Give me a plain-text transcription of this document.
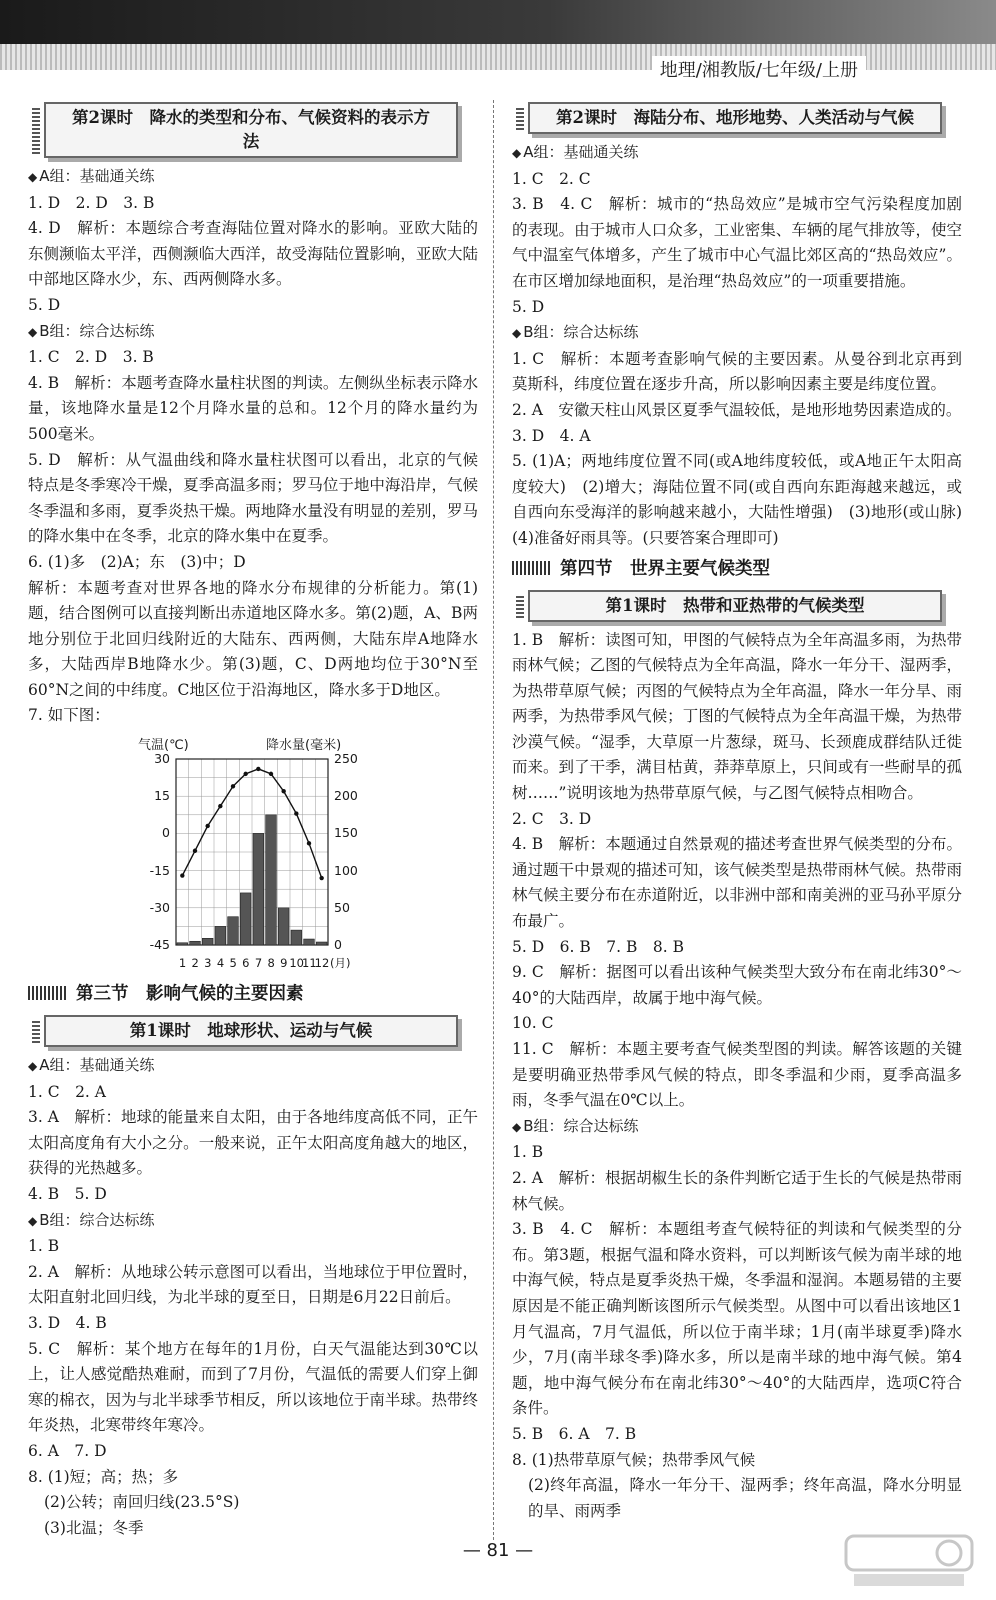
地理/湘教版/七年级/上册
第2课时　降水的类型和分布、气候资料的表示方法
◆ A组：基础通关练

1. D　2. D　3. B

4. D　解析：本题综合考查海陆位置对降水的影响。亚欧大陆的东侧濒临太平洋，西侧濒临大西洋，故受海陆位置影响，亚欧大陆中部地区降水少，东、西两侧降水多。

5. D

◆ B组：综合达标练

1. C　2. D　3. B

4. B　解析：本题考查降水量柱状图的判读。左侧纵坐标表示降水量，该地降水量是12个月降水量的总和。12个月的降水量约为500毫米。

5. D　解析：从气温曲线和降水量柱状图可以看出，北京的气候特点是冬季寒冷干燥，夏季高温多雨；罗马位于地中海沿岸，气候冬季温和多雨，夏季炎热干燥。两地降水量没有明显的差别，罗马的降水集中在冬季，北京的降水集中在夏季。

6. (1)多　(2)A；东　(3)中；D

解析：本题考查对世界各地的降水分布规律的分析能力。第(1)题，结合图例可以直接判断出赤道地区降水多。第(2)题，A、B两地分别位于北回归线附近的大陆东、西两侧，大陆东岸A地降水多，大陆西岸B地降水少。第(3)题，C、D两地均位于30°N至60°N之间的中纬度。C地区位于沿海地区，降水多于D地区。

7. 如下图：

气温(℃)	降水量(毫米)
30
15
0
-15
-30
-45
250
200
150
100
50
0
1 2 3 4 5 6 7 8 9 10
11
12 (月)
第三节　影响气候的主要因素
第1课时　地球形状、运动与气候
◆ A组：基础通关练

1. C　2. A

3. A　解析：地球的能量来自太阳，由于各地纬度高低不同，正午太阳高度角有大小之分。一般来说，正午太阳高度角越大的地区，获得的光热越多。

4. B　5. D

◆ B组：综合达标练

1. B

2. A　解析：从地球公转示意图可以看出，当地球位于甲位置时，太阳直射北回归线，为北半球的夏至日，日期是6月22日前后。

3. D　4. B

5. C　解析：某个地方在每年的1月份，白天气温能达到30℃以上，让人感觉酷热难耐，而到了7月份，气温低的需要人们穿上御寒的棉衣，因为与北半球季节相反，所以该地位于南半球。热带终年炎热，北寒带终年寒冷。

6. A　7. D

8. (1)短；高；热；多

(2)公转；南回归线(23.5°S)

(3)北温；冬季

第2课时　海陆分布、地形地势、人类活动与气候
◆ A组：基础通关练

1. C　2. C

3. B　4. C　解析：城市的“热岛效应”是城市空气污染程度加剧的表现。由于城市人口众多，工业密集、车辆的尾气排放等，使空气中温室气体增多，产生了城市中心气温比郊区高的“热岛效应”。在市区增加绿地面积，是治理“热岛效应”的一项重要措施。

5. D

◆ B组：综合达标练

1. C　解析：本题考查影响气候的主要因素。从曼谷到北京再到莫斯科，纬度位置在逐步升高，所以影响因素主要是纬度位置。

2. A　安徽天柱山风景区夏季气温较低，是地形地势因素造成的。

3. D　4. A

5. (1)A；两地纬度位置不同(或A地纬度较低，或A地正午太阳高度较大)　(2)增大；海陆位置不同(或自西向东距海越来越远，或自西向东受海洋的影响越来越小，大陆性增强)　(3)地形(或山脉)　(4)准备好雨具等。(只要答案合理即可)

第四节　世界主要气候类型
第1课时　热带和亚热带的气候类型

1. B　解析：读图可知，甲图的气候特点为全年高温多雨，为热带雨林气候；乙图的气候特点为全年高温，降水一年分干、湿两季，为热带草原气候；丙图的气候特点为全年高温，降水一年分旱、雨两季，为热带季风气候；丁图的气候特点为全年高温干燥，为热带沙漠气候。“湿季，大草原一片葱绿，斑马、长颈鹿成群结队迁徙而来。到了干季，满目枯黄，莽莽草原上，只间或有一些耐旱的孤树……”说明该地为热带草原气候，与乙图气候特点相吻合。

2. C　3. D

4. B　解析：本题通过自然景观的描述考查世界气候类型的分布。通过题干中景观的描述可知，该气候类型是热带雨林气候。热带雨林气候主要分布在赤道附近，以非洲中部和南美洲的亚马孙平原分布最广。

5. D　6. B　7. B　8. B

9. C　解析：据图可以看出该种气候类型大致分布在南北纬30°～40°的大陆西岸，故属于地中海气候。

10. C

11. C　解析：本题主要考查气候类型图的判读。解答该题的关键是要明确亚热带季风气候的特点，即冬季温和少雨，夏季高温多雨，冬季气温在0℃以上。

◆ B组：综合达标练

1. B

2. A　解析：根据胡椒生长的条件判断它适于生长的气候是热带雨林气候。

3. B　4. C　解析：本题组考查气候特征的判读和气候类型的分布。第3题，根据气温和降水资料，可以判断该气候为南半球的地中海气候，特点是夏季炎热干燥，冬季温和湿润。本题易错的主要原因是不能正确判断该图所示气候类型。从图中可以看出该地区1月气温高，7月气温低，所以位于南半球；1月(南半球夏季)降水少，7月(南半球冬季)降水多，所以是南半球的地中海气候。第4题，地中海气候分布在南北纬30°～40°的大陆西岸，选项C符合条件。

5. B　6. A　7. B

8. (1)热带草原气候；热带季风气候

(2)终年高温，降水一年分干、湿两季；终年高温，降水分明显的旱、雨两季

— 81 —
